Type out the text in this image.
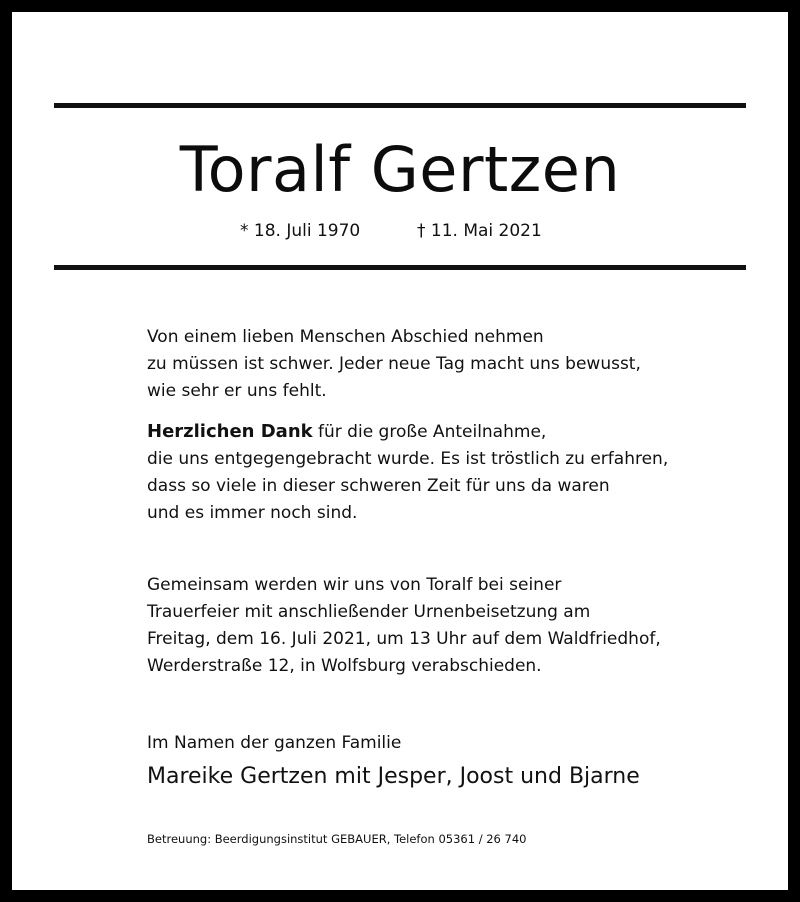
Toralf Gertzen
* 18. Juli 1970	† 11. Mai 2021
Von einem lieben Menschen Abschied nehmen
zu müssen ist schwer. Jeder neue Tag macht uns bewusst,
wie sehr er uns fehlt.
Herzlichen Dank für die große Anteilnahme,
die uns entgegengebracht wurde. Es ist tröstlich zu erfahren,
dass so viele in dieser schweren Zeit für uns da waren
und es immer noch sind.
Gemeinsam werden wir uns von Toralf bei seiner
Trauerfeier mit anschließender Urnenbeisetzung am
Freitag, dem 16. Juli 2021, um 13 Uhr auf dem Waldfriedhof,
Werderstraße 12, in Wolfsburg verabschieden.
Im Namen der ganzen Familie
Mareike Gertzen mit Jesper, Joost und Bjarne
Betreuung: Beerdigungsinstitut GEBAUER, Telefon 05361 / 26 740
